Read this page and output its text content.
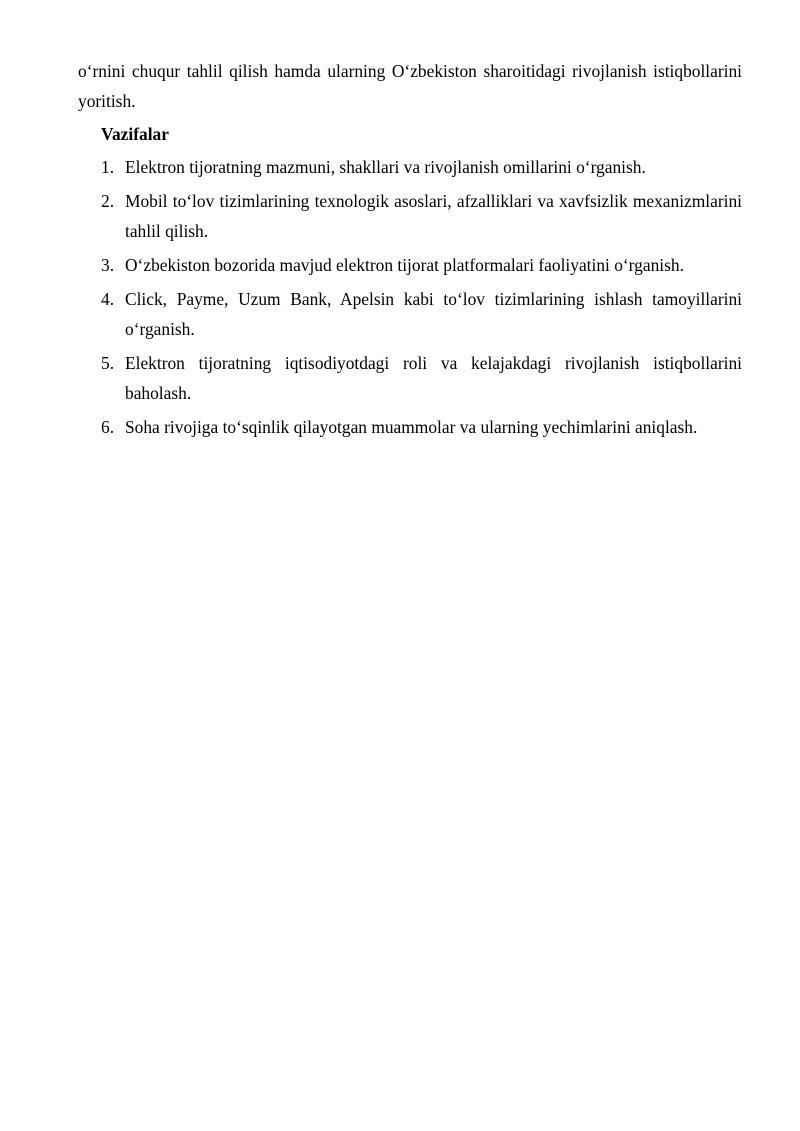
o‘rnini chuqur tahlil qilish hamda ularning O‘zbekiston sharoitidagi rivojlanish istiqbollarini yoritish.

Vazifalar

1. Elektron tijoratning mazmuni, shakllari va rivojlanish omillarini o‘rganish.
2. Mobil to‘lov tizimlarining texnologik asoslari, afzalliklari va xavfsizlik mexanizmlarini tahlil qilish.
3. O‘zbekiston bozorida mavjud elektron tijorat platformalari faoliyatini o‘rganish.
4. Click, Payme, Uzum Bank, Apelsin kabi to‘lov tizimlarining ishlash tamoyillarini o‘rganish.
5. Elektron tijoratning iqtisodiyotdagi roli va kelajakdagi rivojlanish istiqbollarini baholash.
6. Soha rivojiga to‘sqinlik qilayotgan muammolar va ularning yechimlarini aniqlash.
